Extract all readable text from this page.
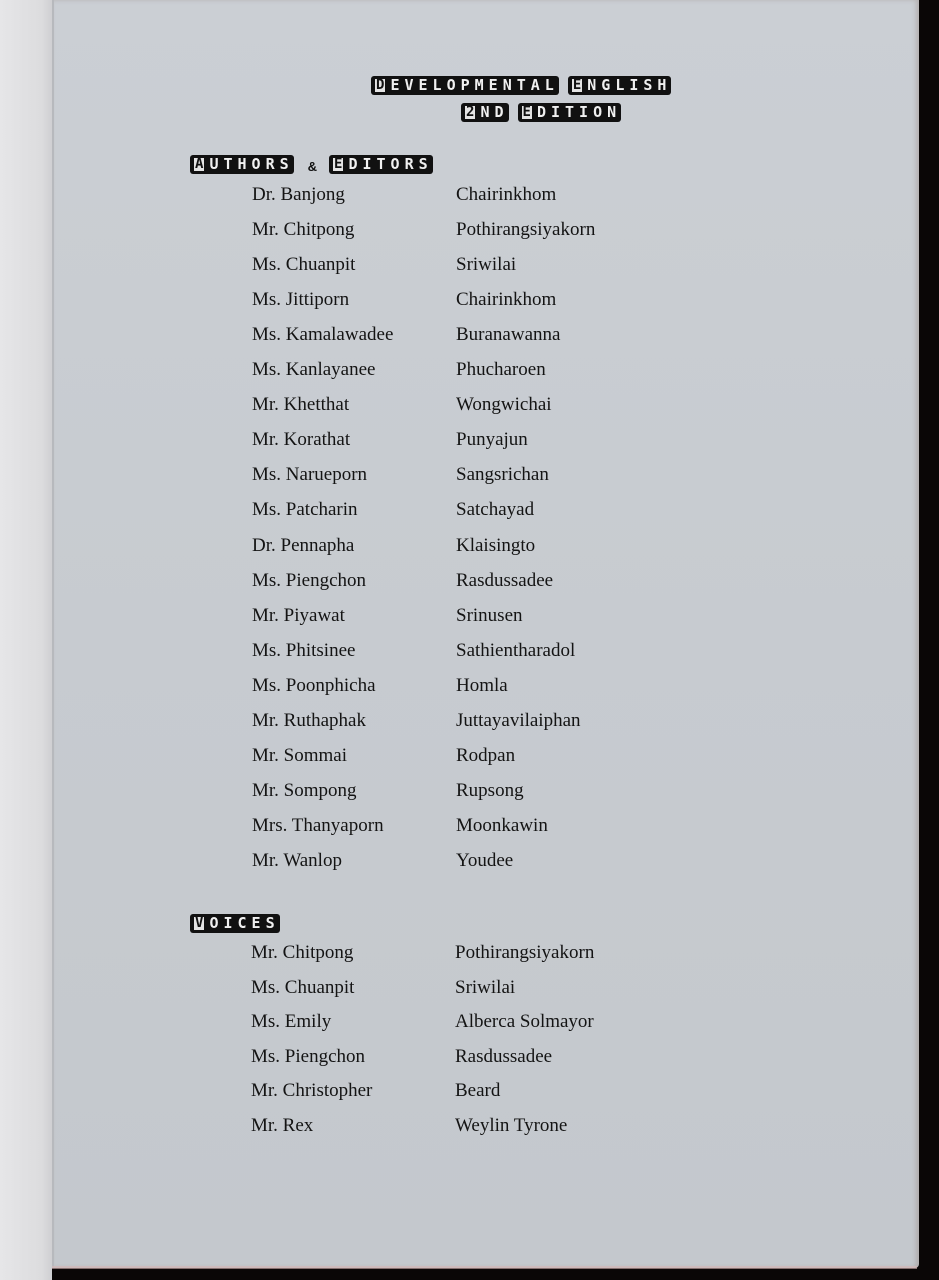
D E V E L O P M E N T A L E N G L I S H
2 N D E D I T I O N
A U T H O R S & E D I T O R S
Dr. Banjong	Chairinkhom
Mr. Chitpong	Pothirangsiyakorn
Ms. Chuanpit	Sriwilai
Ms. Jittiporn	Chairinkhom
Ms. Kamalawadee	Buranawanna
Ms. Kanlayanee	Phucharoen
Mr. Khetthat	Wongwichai
Mr. Korathat	Punyajun
Ms. Narueporn	Sangsrichan
Ms. Patcharin	Satchayad
Dr. Pennapha	Klaisingto
Ms. Piengchon	Rasdussadee
Mr. Piyawat	Srinusen
Ms. Phitsinee	Sathientharadol
Ms. Poonphicha	Homla
Mr. Ruthaphak	Juttayavilaiphan
Mr. Sommai	Rodpan
Mr. Sompong	Rupsong
Mrs. Thanyaporn	Moonkawin
Mr. Wanlop	Youdee
V O I C E S
Mr. Chitpong	Pothirangsiyakorn
Ms. Chuanpit	Sriwilai
Ms. Emily	Alberca Solmayor
Ms. Piengchon	Rasdussadee
Mr. Christopher	Beard
Mr. Rex	Weylin Tyrone
